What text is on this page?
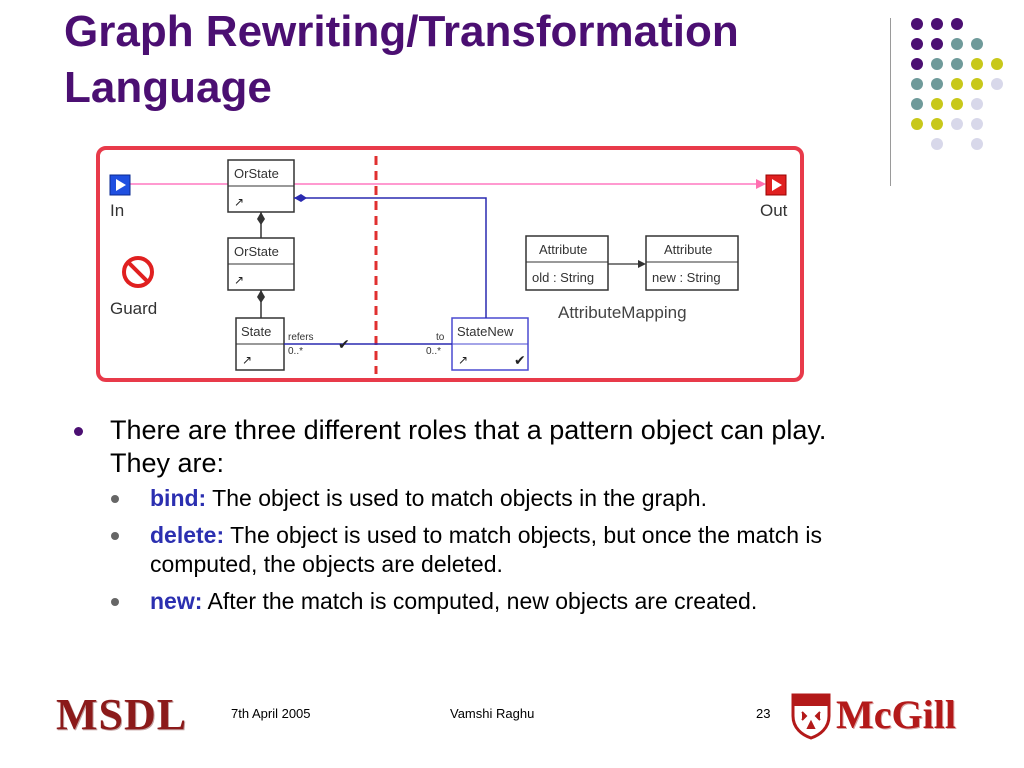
Graph Rewriting/Transformation
Language
In	Out
Guard
OrState
↗
OrState
↗
State
↗
StateNew
↗	✔
refers
0..* ✔	to
0..*
Attribute
old : String
Attribute
new : String
AttributeMapping
There are three different roles that a pattern object can play. They are:
bind: The object is used to match objects in the graph.
delete: The object is used to match objects, but once the match is computed, the objects are deleted.
new: After the match is computed, new objects are created.
MSDL	7th April 2005	Vamshi Raghu	23 McGill
